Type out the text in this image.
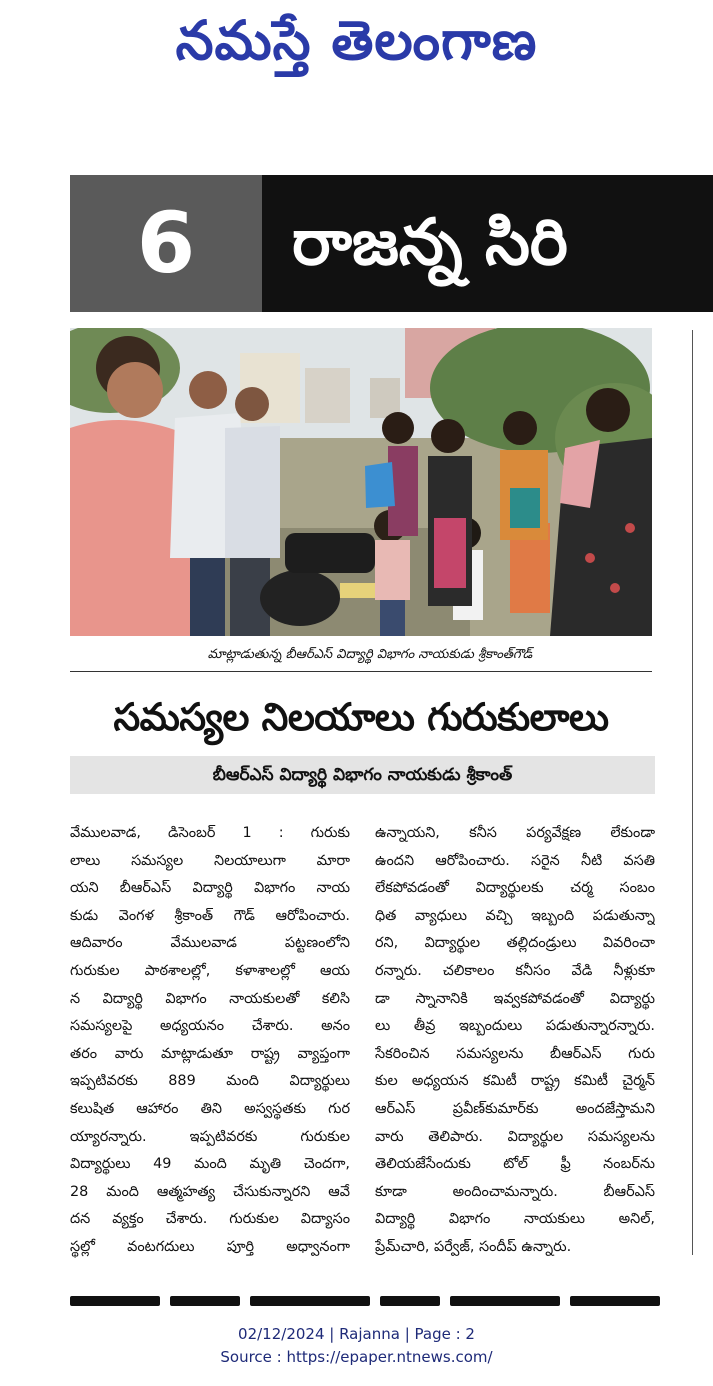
నమస్తే తెలంగాణ
6	రాజన్న సిరి
మాట్లాడుతున్న బీఆర్ఎస్ విద్యార్థి విభాగం నాయకుడు శ్రీకాంత్‌గౌడ్
సమస్యల నిలయాలు గురుకులాలు
బీఆర్ఎస్ విద్యార్థి విభాగం నాయకుడు శ్రీకాంత్
వేములవాడ, డిసెంబర్ 1 : గురుకు
లాలు సమస్యల నిలయాలుగా మారా
యని బీఆర్ఎస్ విద్యార్థి విభాగం నాయ
కుడు వెంగళ శ్రీకాంత్ గౌడ్ ఆరోపించారు.
ఆదివారం వేములవాడ పట్టణంలోని
గురుకుల పాఠశాలల్లో, కళాశాలల్లో ఆయ
న విద్యార్థి విభాగం నాయకులతో కలిసి
సమస్యలపై అధ్యయనం చేశారు. అనం
తరం వారు మాట్లాడుతూ రాష్ట్ర వ్యాప్తంగా
ఇప్పటివరకు 889 మంది విద్యార్థులు
కలుషిత ఆహారం తిని అస్వస్థతకు గుర
య్యారన్నారు. ఇప్పటివరకు గురుకుల
విద్యార్థులు 49 మంది మృతి చెందగా,
28 మంది ఆత్మహత్య చేసుకున్నారని ఆవే
దన వ్యక్తం చేశారు. గురుకుల విద్యాసం
స్థల్లో వంటగదులు పూర్తి అధ్వానంగా
ఉన్నాయని, కనీస పర్యవేక్షణ లేకుండా
ఉందని ఆరోపించారు. సరైన నీటి వసతి
లేకపోవడంతో విద్యార్థులకు చర్మ సంబం
ధిత వ్యాధులు వచ్చి ఇబ్బంది పడుతున్నా
రని, విద్యార్థుల తల్లిదండ్రులు వివరించా
రన్నారు. చలికాలం కనీసం వేడి నీళ్లుకూ
డా స్నానానికి ఇవ్వకపోవడంతో విద్యార్థు
లు తీవ్ర ఇబ్బందులు పడుతున్నారన్నారు.
సేకరించిన సమస్యలను బీఆర్ఎస్ గురు
కుల అధ్యయన కమిటీ రాష్ట్ర కమిటీ చైర్మన్
ఆర్ఎస్ ప్రవీణ్‌కుమార్‌కు అందజేస్తామని
వారు తెలిపారు. విద్యార్థుల సమస్యలను
తెలియజేసేందుకు టోల్ ఫ్రీ నంబర్‌ను
కూడా అందించామన్నారు. బీఆర్ఎస్
విద్యార్థి విభాగం నాయకులు అనిల్,
ప్రేమ్‌చారి, పర్వేజ్, సందీప్ ఉన్నారు.
02/12/2024 | Rajanna | Page : 2
Source : https://epaper.ntnews.com/
